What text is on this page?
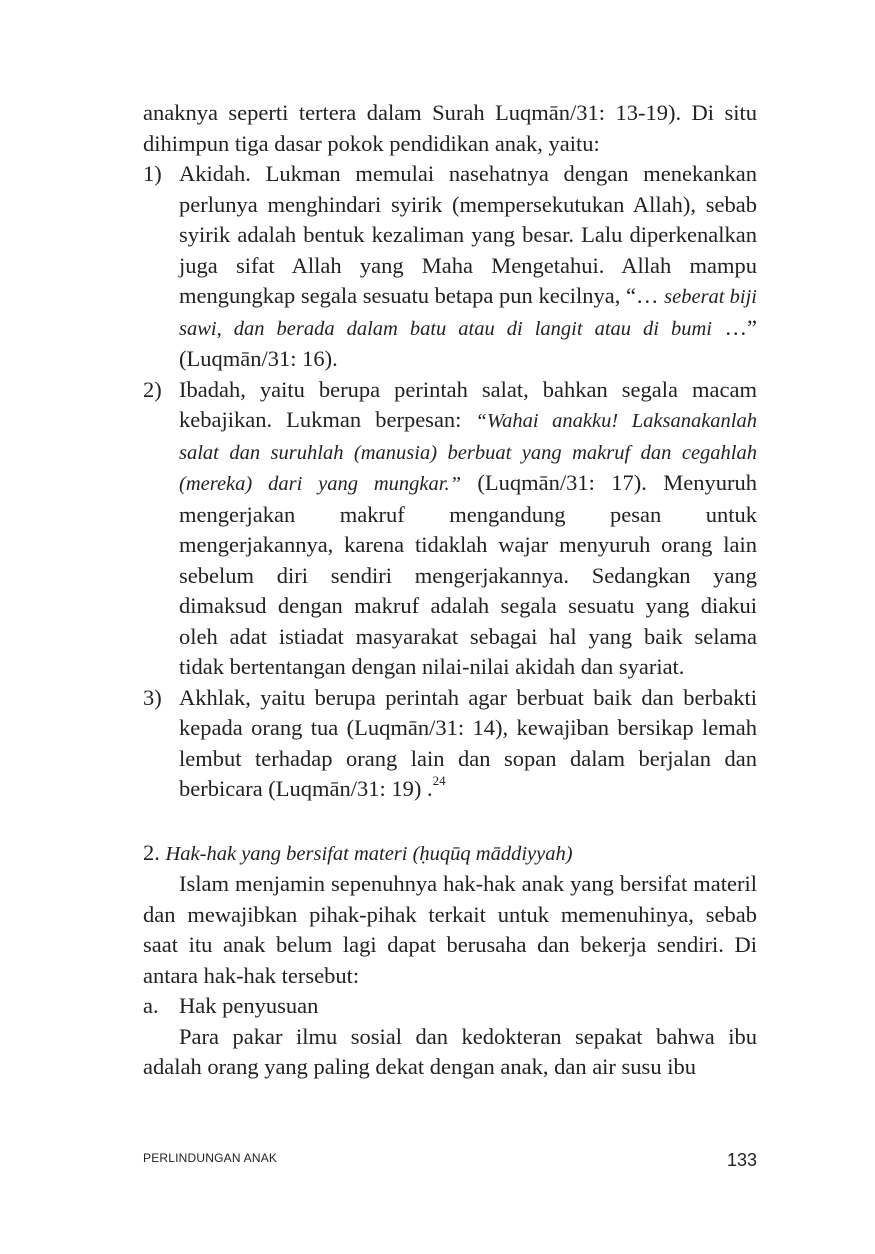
anaknya seperti tertera dalam Surah Luqmān/31: 13-19). Di situ dihimpun tiga dasar pokok pendidikan anak, yaitu:

1) Akidah. Lukman memulai nasehatnya dengan menekankan perlunya menghindari syirik (mempersekutukan Allah), sebab syirik adalah bentuk kezaliman yang besar. Lalu diperkenalkan juga sifat Allah yang Maha Mengetahui. Allah mampu mengungkap segala sesuatu betapa pun kecilnya, “… seberat biji sawi, dan berada dalam batu atau di langit atau di bumi …” (Luqmān/31: 16).

2) Ibadah, yaitu berupa perintah salat, bahkan segala macam kebajikan. Lukman berpesan: “Wahai anakku! Laksanakanlah salat dan suruhlah (manusia) berbuat yang makruf dan cegahlah (mereka) dari yang mungkar.” (Luqmān/31: 17). Menyuruh mengerjakan makruf mengandung pesan untuk mengerjakannya, karena tidaklah wajar menyuruh orang lain sebelum diri sendiri mengerjakannya. Sedangkan yang dimaksud dengan makruf adalah segala sesuatu yang diakui oleh adat istiadat masyarakat sebagai hal yang baik selama tidak bertentangan dengan nilai-nilai akidah dan syariat.

3) Akhlak, yaitu berupa perintah agar berbuat baik dan berbakti kepada orang tua (Luqmān/31: 14), kewajiban bersikap lemah lembut terhadap orang lain dan sopan dalam berjalan dan berbicara (Luqmān/31: 19) .$^{24}$

2. Hak-hak yang bersifat materi (ḥuqūq māddiyyah)

Islam menjamin sepenuhnya hak-hak anak yang bersifat materil dan mewajibkan pihak-pihak terkait untuk memenuhinya, sebab saat itu anak belum lagi dapat berusaha dan bekerja sendiri. Di antara hak-hak tersebut:

a. Hak penyusuan

Para pakar ilmu sosial dan kedokteran sepakat bahwa ibu adalah orang yang paling dekat dengan anak, dan air susu ibu

PERLINDUNGAN ANAK	133
